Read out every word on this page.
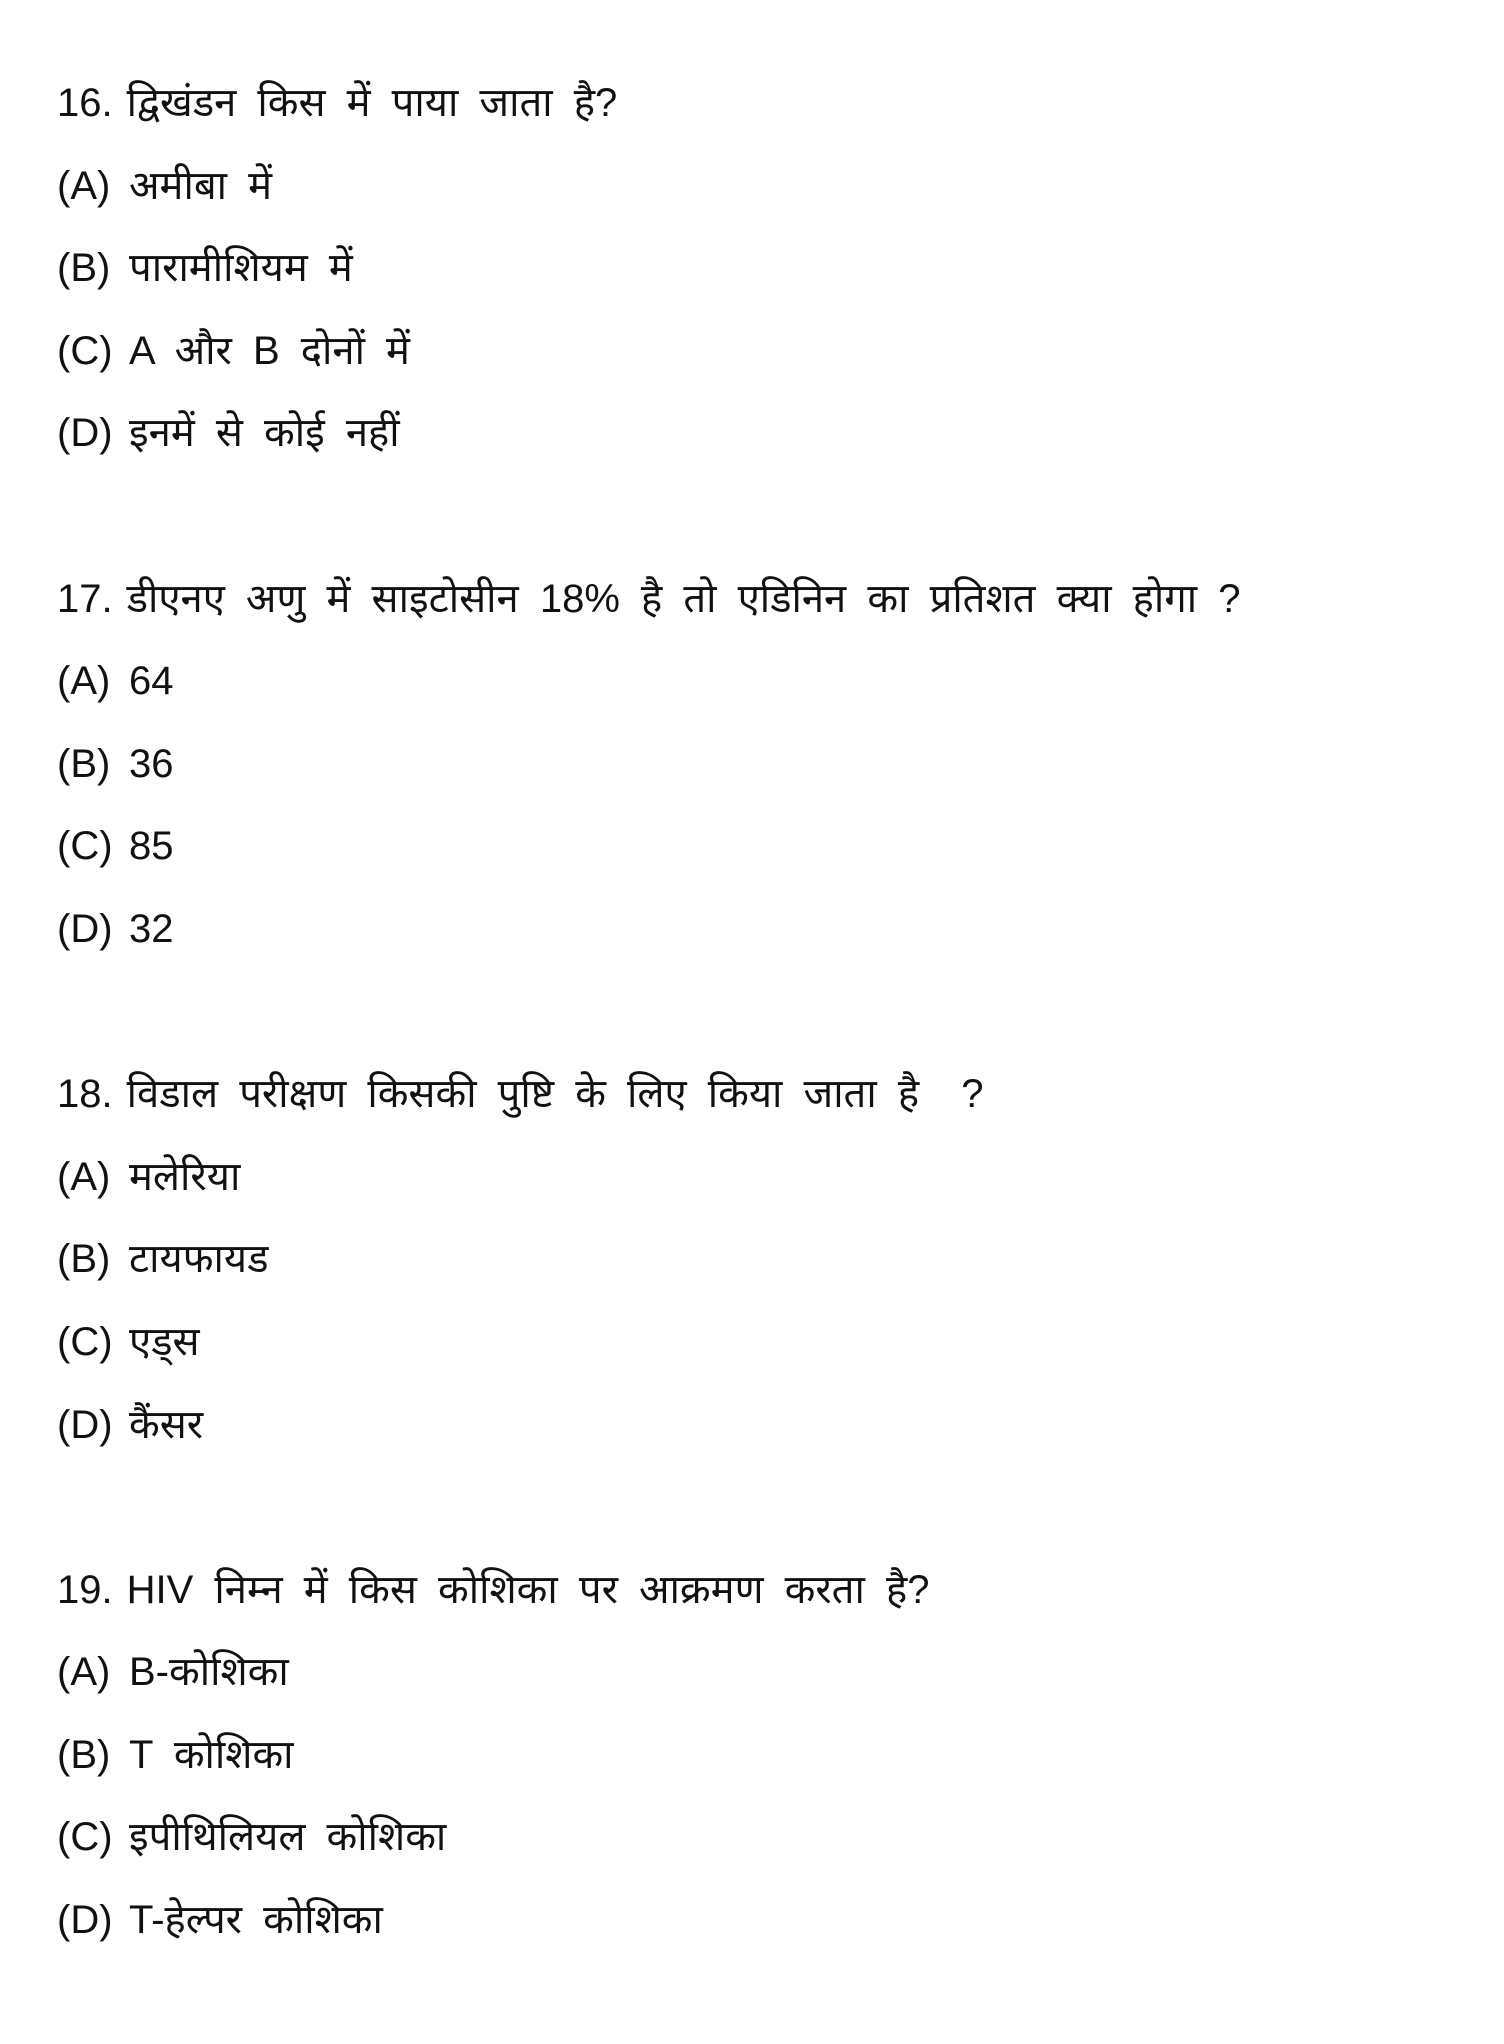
16. द्विखंडन किस में पाया जाता है?
(A) अमीबा में
(B) पारामीशियम में
(C) A और B दोनों में
(D) इनमें से कोई नहीं
17. डीएनए अणु में साइटोसीन 18% है तो एडिनिन का प्रतिशत क्या होगा ?
(A) 64
(B) 36
(C) 85
(D) 32
18. विडाल परीक्षण किसकी पुष्टि के लिए किया जाता है  ?
(A) मलेरिया
(B) टायफायड
(C) एड्स
(D) कैंसर
19. HIV निम्न में किस कोशिका पर आक्रमण करता है?
(A) B-कोशिका
(B) T कोशिका
(C) इपीथिलियल कोशिका
(D) T-हेल्पर कोशिका
